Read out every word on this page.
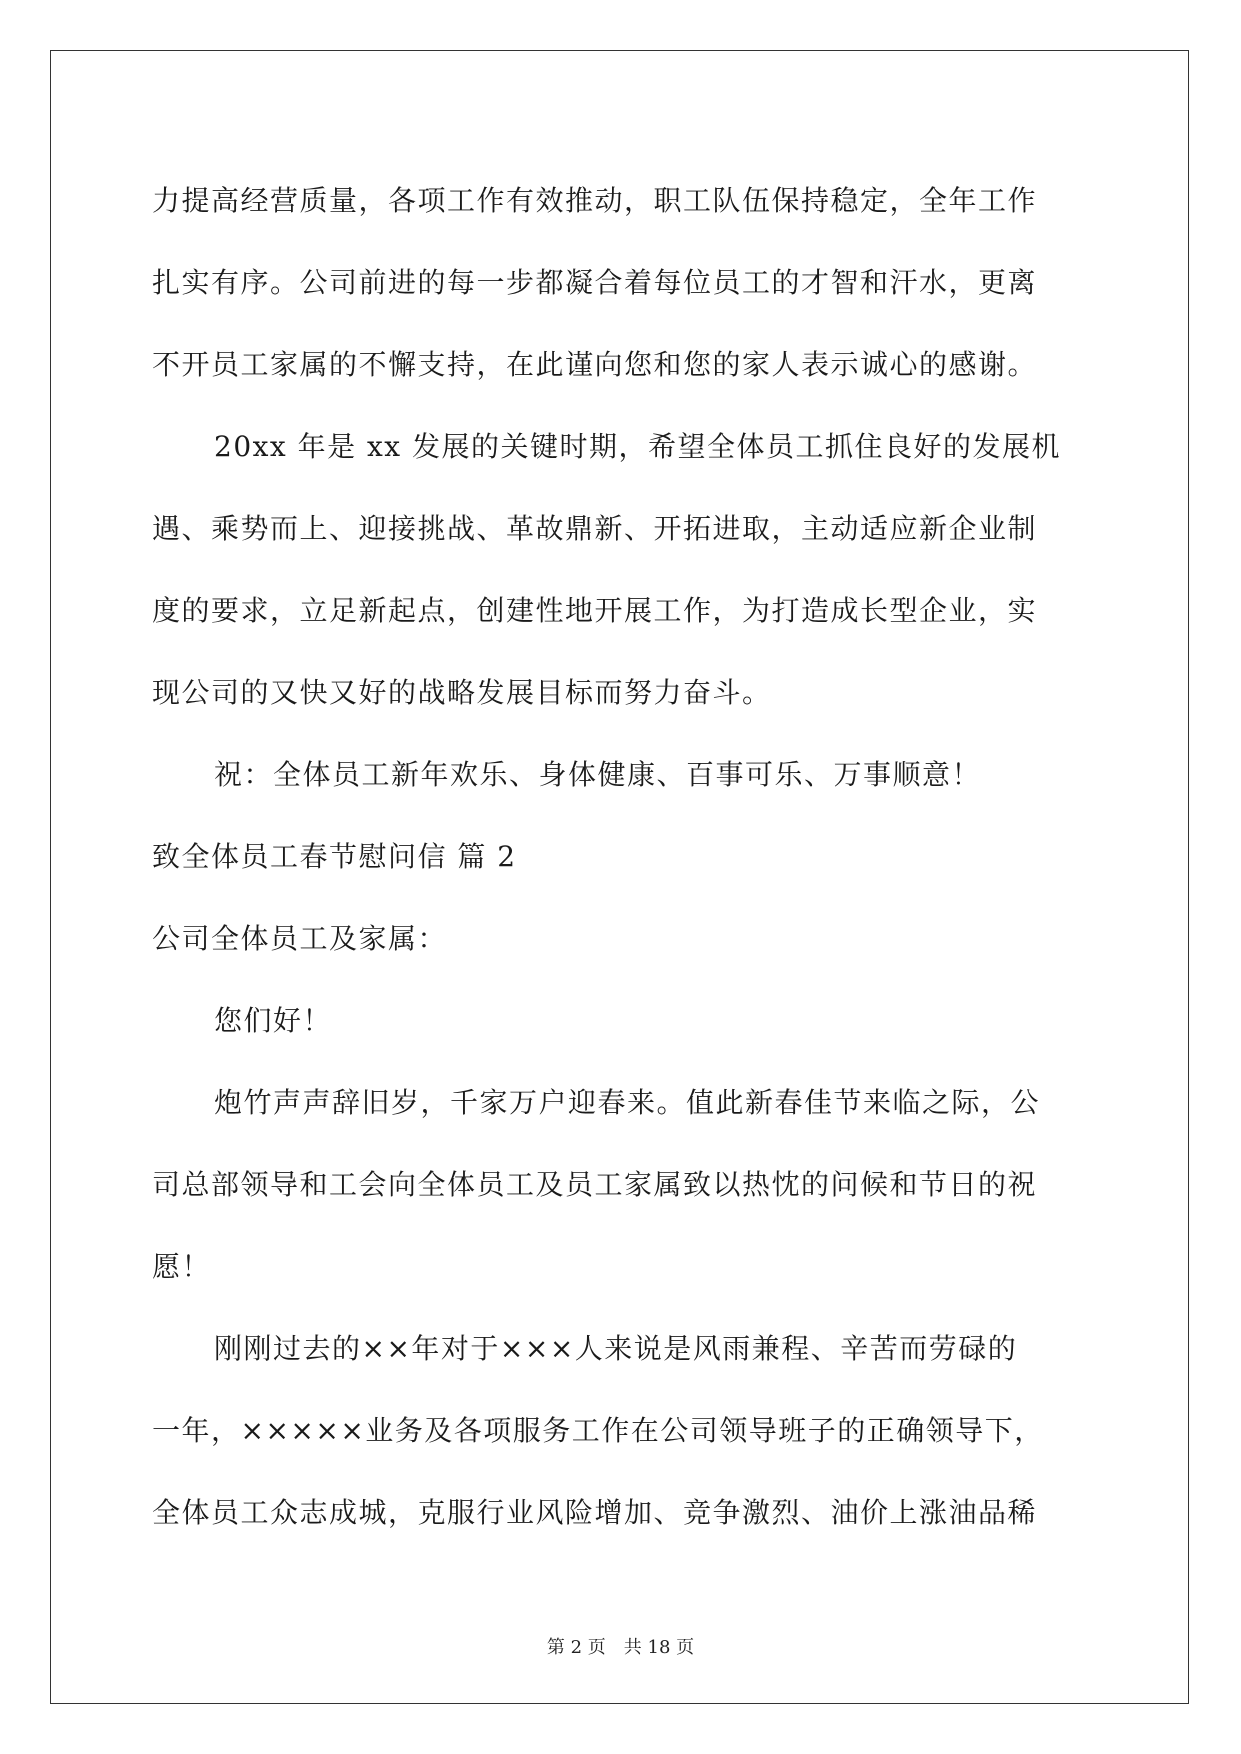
力提高经营质量，各项工作有效推动，职工队伍保持稳定，全年工作
扎实有序。公司前进的每一步都凝合着每位员工的才智和汗水，更离
不开员工家属的不懈支持，在此谨向您和您的家人表示诚心的感谢。
20xx 年是 xx 发展的关键时期，希望全体员工抓住良好的发展机
遇、乘势而上、迎接挑战、革故鼎新、开拓进取，主动适应新企业制
度的要求，立足新起点，创建性地开展工作，为打造成长型企业，实
现公司的又快又好的战略发展目标而努力奋斗。
祝：全体员工新年欢乐、身体健康、百事可乐、万事顺意！
致全体员工春节慰问信 篇 2
公司全体员工及家属：
您们好！
炮竹声声辞旧岁，千家万户迎春来。值此新春佳节来临之际，公
司总部领导和工会向全体员工及员工家属致以热忱的问候和节日的祝
愿！
刚刚过去的××年对于×××人来说是风雨兼程、辛苦而劳碌的
一年，×××××业务及各项服务工作在公司领导班子的正确领导下，
全体员工众志成城，克服行业风险增加、竞争激烈、油价上涨油品稀
第 2 页 共 18 页
